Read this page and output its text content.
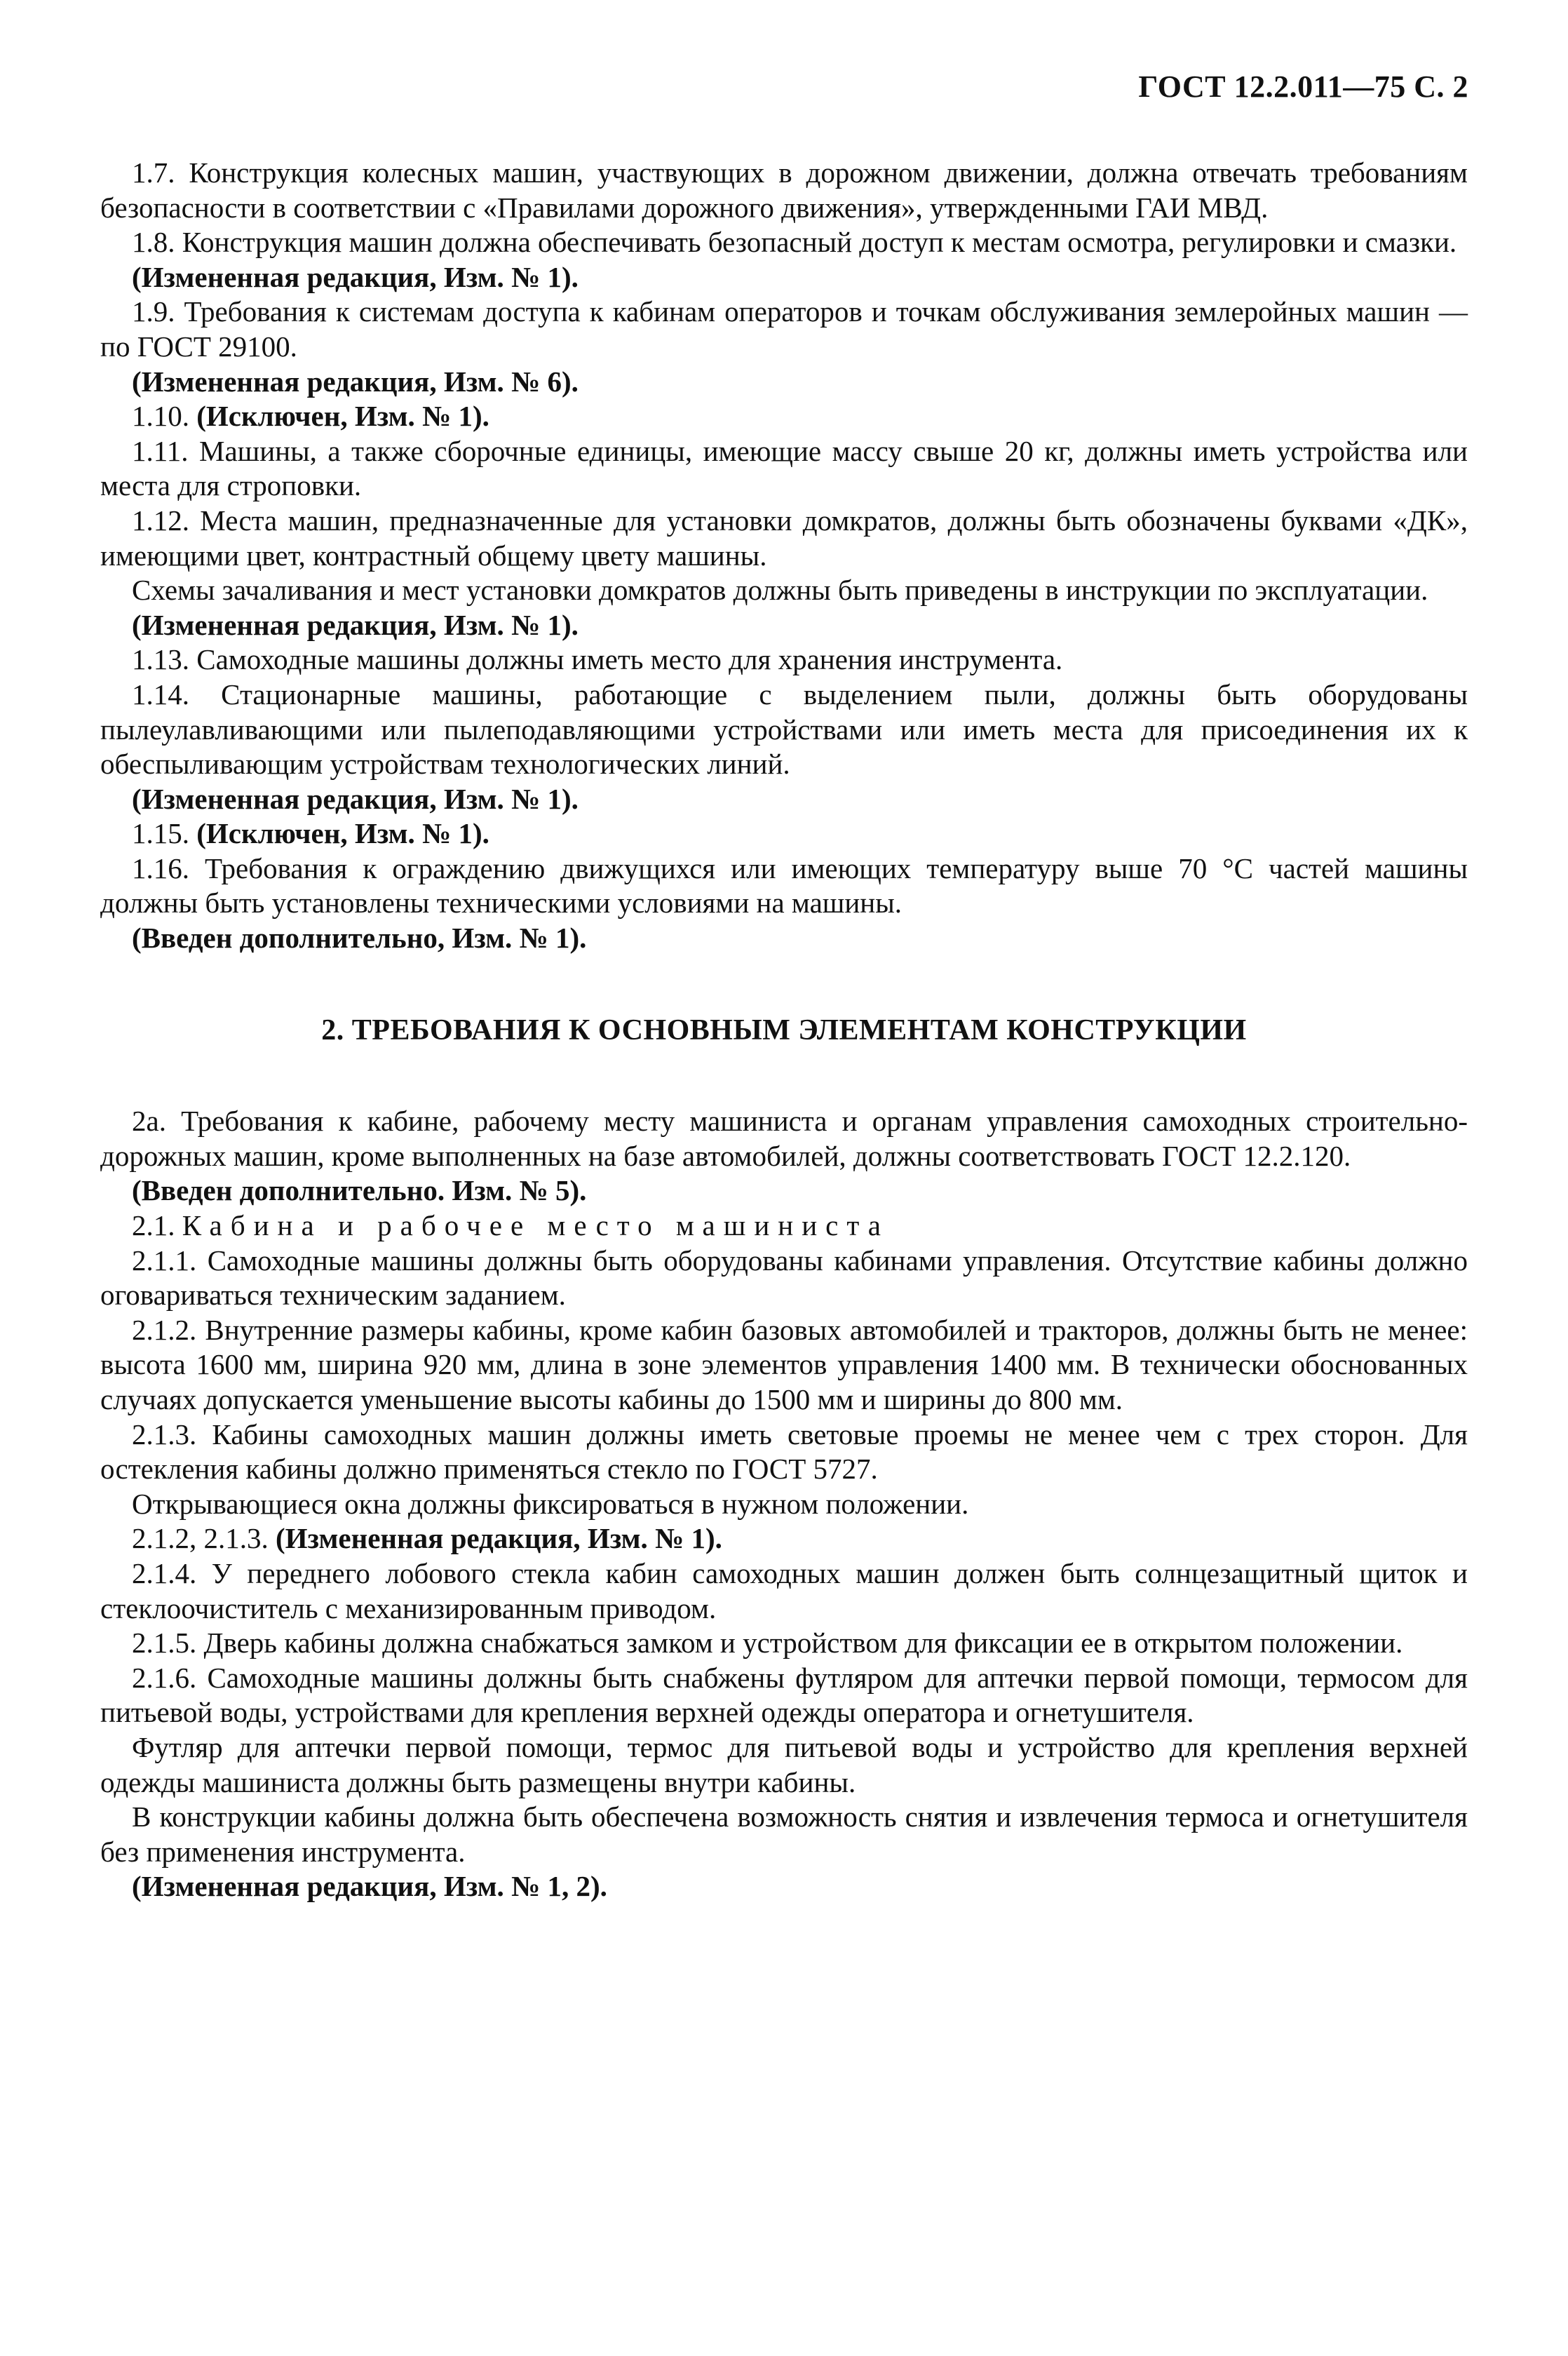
ГОСТ 12.2.011—75 С. 2

1.7. Конструкция колесных машин, участвующих в дорожном движении, должна отвечать требованиям безопасности в соответствии с «Правилами дорожного движения», утвержденными ГАИ МВД.

1.8. Конструкция машин должна обеспечивать безопасный доступ к местам осмотра, регулировки и смазки.

(Измененная редакция, Изм. № 1).

1.9. Требования к системам доступа к кабинам операторов и точкам обслуживания землеройных машин — по ГОСТ 29100.

(Измененная редакция, Изм. № 6).

1.10. (Исключен, Изм. № 1).

1.11. Машины, а также сборочные единицы, имеющие массу свыше 20 кг, должны иметь устройства или места для строповки.

1.12. Места машин, предназначенные для установки домкратов, должны быть обозначены буквами «ДК», имеющими цвет, контрастный общему цвету машины.

Схемы зачаливания и мест установки домкратов должны быть приведены в инструкции по эксплуатации.

(Измененная редакция, Изм. № 1).

1.13. Самоходные машины должны иметь место для хранения инструмента.

1.14. Стационарные машины, работающие с выделением пыли, должны быть оборудованы пылеулавливающими или пылеподавляющими устройствами или иметь места для присоединения их к обеспыливающим устройствам технологических линий.

(Измененная редакция, Изм. № 1).

1.15. (Исключен, Изм. № 1).

1.16. Требования к ограждению движущихся или имеющих температуру выше 70 °С частей машины должны быть установлены техническими условиями на машины.

(Введен дополнительно, Изм. № 1).

2. ТРЕБОВАНИЯ К ОСНОВНЫМ ЭЛЕМЕНТАМ КОНСТРУКЦИИ

2а. Требования к кабине, рабочему месту машиниста и органам управления самоходных строительно-дорожных машин, кроме выполненных на базе автомобилей, должны соответствовать ГОСТ 12.2.120.

(Введен дополнительно. Изм. № 5).

2.1. Кабина и рабочее место машиниста

2.1.1. Самоходные машины должны быть оборудованы кабинами управления. Отсутствие кабины должно оговариваться техническим заданием.

2.1.2. Внутренние размеры кабины, кроме кабин базовых автомобилей и тракторов, должны быть не менее: высота 1600 мм, ширина 920 мм, длина в зоне элементов управления 1400 мм. В технически обоснованных случаях допускается уменьшение высоты кабины до 1500 мм и ширины до 800 мм.

2.1.3. Кабины самоходных машин должны иметь световые проемы не менее чем с трех сторон. Для остекления кабины должно применяться стекло по ГОСТ 5727.

Открывающиеся окна должны фиксироваться в нужном положении.

2.1.2, 2.1.3. (Измененная редакция, Изм. № 1).

2.1.4. У переднего лобового стекла кабин самоходных машин должен быть солнцезащитный щиток и стеклоочиститель с механизированным приводом.

2.1.5. Дверь кабины должна снабжаться замком и устройством для фиксации ее в открытом положении.

2.1.6. Самоходные машины должны быть снабжены футляром для аптечки первой помощи, термосом для питьевой воды, устройствами для крепления верхней одежды оператора и огнетушителя.

Футляр для аптечки первой помощи, термос для питьевой воды и устройство для крепления верхней одежды машиниста должны быть размещены внутри кабины.

В конструкции кабины должна быть обеспечена возможность снятия и извлечения термоса и огнетушителя без применения инструмента.

(Измененная редакция, Изм. № 1, 2).
